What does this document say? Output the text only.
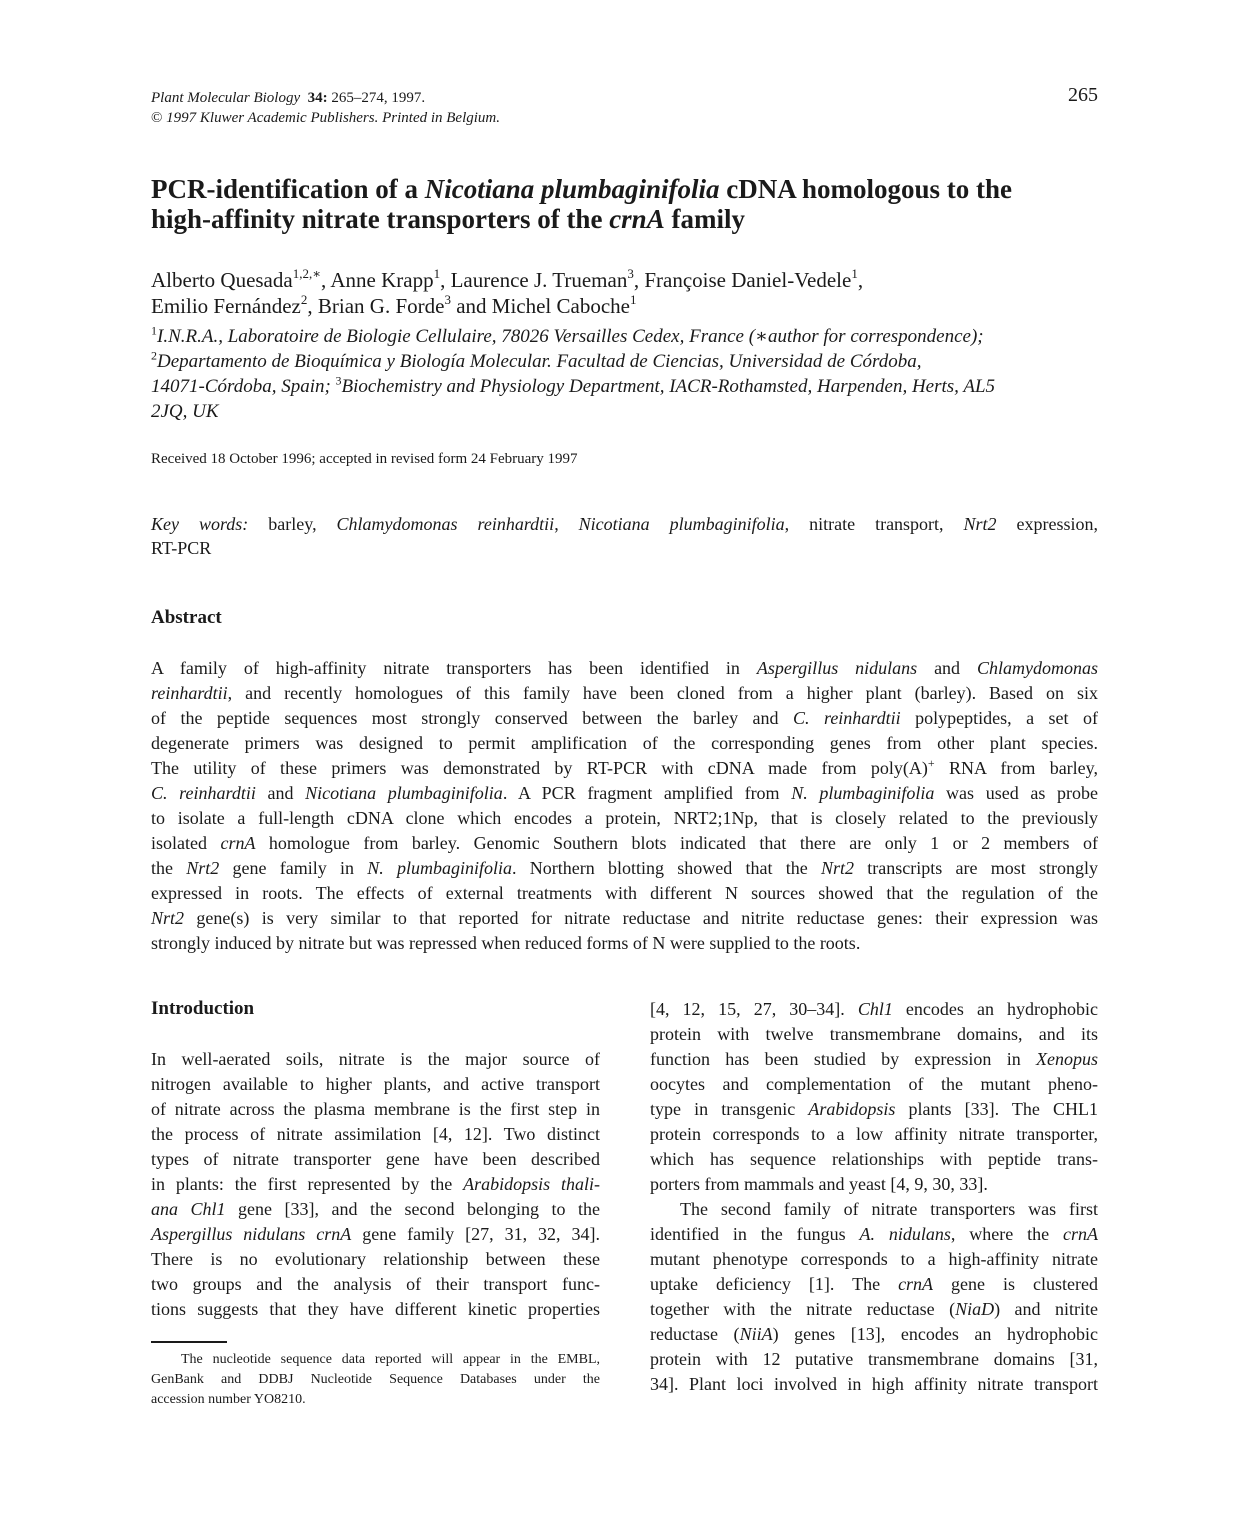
Plant Molecular Biology 34: 265–274, 1997.
© 1997 Kluwer Academic Publishers. Printed in Belgium.
265
PCR-identification of a Nicotiana plumbaginifolia cDNA homologous to the
high-affinity nitrate transporters of the crnA family
Alberto Quesada$^{1,2,∗}$, Anne Krapp$^1$, Laurence J. Trueman$^3$, Françoise Daniel-Vedele$^1$,
Emilio Fernández$^2$, Brian G. Forde$^3$ and Michel Caboche$^1$
$^1$I.N.R.A., Laboratoire de Biologie Cellulaire, 78026 Versailles Cedex, France (∗author for correspondence);
$^2$Departamento de Bioquímica y Biología Molecular. Facultad de Ciencias, Universidad de Córdoba,
14071-Córdoba, Spain; $^3$Biochemistry and Physiology Department, IACR-Rothamsted, Harpenden, Herts, AL5
2JQ, UK
Received 18 October 1996; accepted in revised form 24 February 1997
Key words: barley, Chlamydomonas reinhardtii, Nicotiana plumbaginifolia, nitrate transport, Nrt2 expression,
RT-PCR
Abstract
A family of high-affinity nitrate transporters has been identified in Aspergillus nidulans and Chlamydomonas
reinhardtii, and recently homologues of this family have been cloned from a higher plant (barley). Based on six
of the peptide sequences most strongly conserved between the barley and C. reinhardtii polypeptides, a set of
degenerate primers was designed to permit amplification of the corresponding genes from other plant species.
The utility of these primers was demonstrated by RT-PCR with cDNA made from poly(A)+ RNA from barley,
C. reinhardtii and Nicotiana plumbaginifolia. A PCR fragment amplified from N. plumbaginifolia was used as probe
to isolate a full-length cDNA clone which encodes a protein, NRT2;1Np, that is closely related to the previously
isolated crnA homologue from barley. Genomic Southern blots indicated that there are only 1 or 2 members of
the Nrt2 gene family in N. plumbaginifolia. Northern blotting showed that the Nrt2 transcripts are most strongly
expressed in roots. The effects of external treatments with different N sources showed that the regulation of the
Nrt2 gene(s) is very similar to that reported for nitrate reductase and nitrite reductase genes: their expression was
strongly induced by nitrate but was repressed when reduced forms of N were supplied to the roots.
Introduction
In well-aerated soils, nitrate is the major source of
nitrogen available to higher plants, and active transport
of nitrate across the plasma membrane is the first step in
the process of nitrate assimilation [4, 12]. Two distinct
types of nitrate transporter gene have been described
in plants: the first represented by the Arabidopsis thali-
ana Chl1 gene [33], and the second belonging to the
Aspergillus nidulans crnA gene family [27, 31, 32, 34].
There is no evolutionary relationship between these
two groups and the analysis of their transport func-
tions suggests that they have different kinetic properties
[4, 12, 15, 27, 30–34]. Chl1 encodes an hydrophobic
protein with twelve transmembrane domains, and its
function has been studied by expression in Xenopus
oocytes and complementation of the mutant pheno-
type in transgenic Arabidopsis plants [33]. The CHL1
protein corresponds to a low affinity nitrate transporter,
which has sequence relationships with peptide trans-
porters from mammals and yeast [4, 9, 30, 33].
The second family of nitrate transporters was first
identified in the fungus A. nidulans, where the crnA
mutant phenotype corresponds to a high-affinity nitrate
uptake deficiency [1]. The crnA gene is clustered
together with the nitrate reductase (NiaD) and nitrite
reductase (NiiA) genes [13], encodes an hydrophobic
protein with 12 putative transmembrane domains [31,
34]. Plant loci involved in high affinity nitrate transport
The nucleotide sequence data reported will appear in the EMBL,
GenBank and DDBJ Nucleotide Sequence Databases under the
accession number YO8210.
